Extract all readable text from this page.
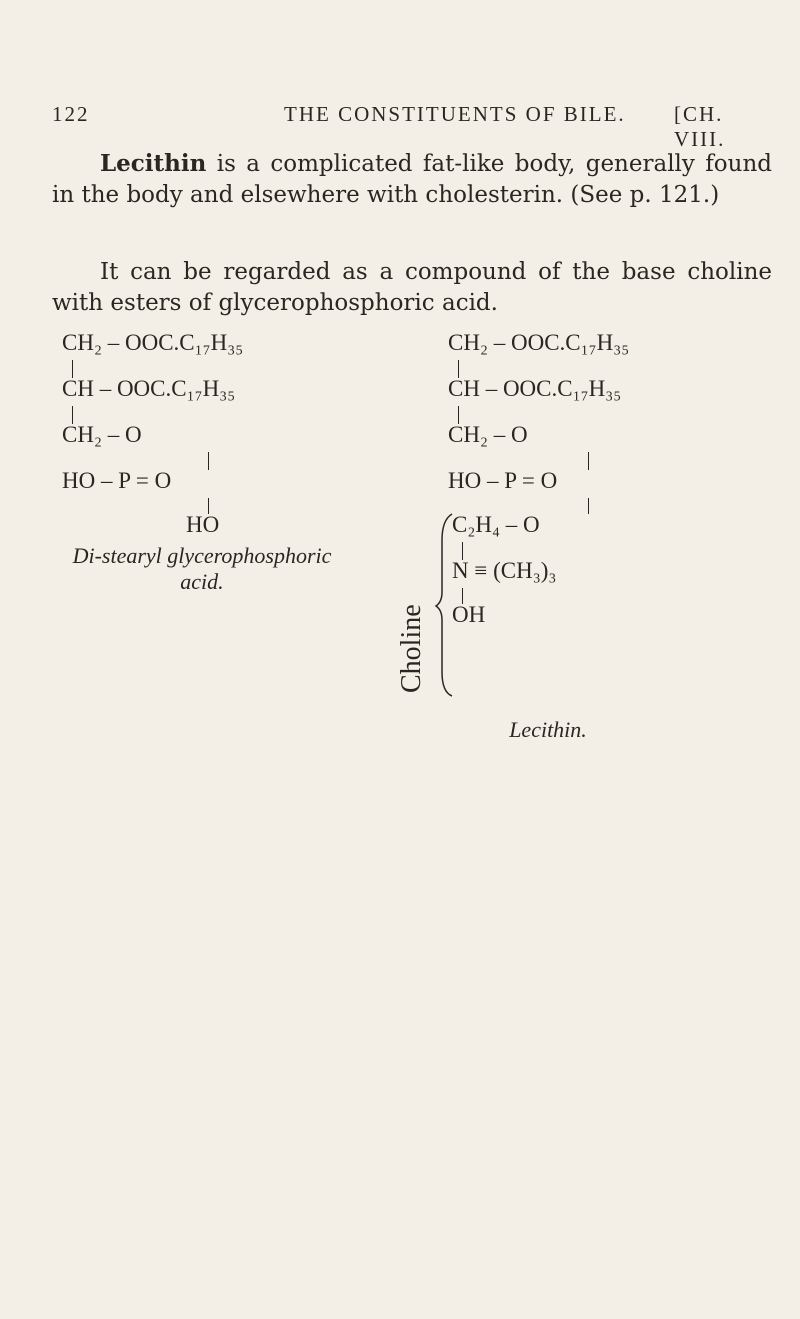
122	THE CONSTITUENTS OF BILE. [CH. VIII.
Lecithin is a complicated fat-like body, generally found in the body and elsewhere with cholesterin. (See p. 121.)
It can be regarded as a compound of the base choline with esters of glycerophosphoric acid.
CH₂ – OOC.C₁₇H₃₅
CH – OOC.C₁₇H₃₅
CH₂ – O
HO – P = O
HO
Di-stearyl glycerophosphoric
acid.
CH₂ – OOC.C₁₇H₃₅
CH – OOC.C₁₇H₃₅
CH₂ – O
HO – P = O
C₂H₄ – O
N ≡ (CH₃)₃
OH
Choline
Lecithin.
